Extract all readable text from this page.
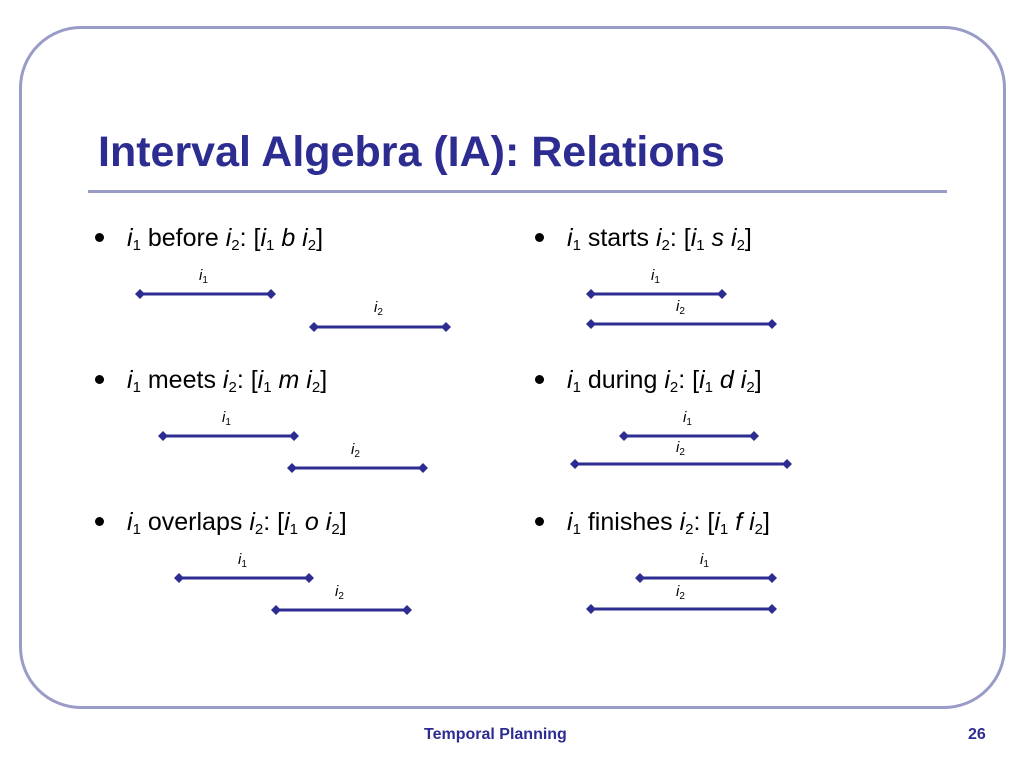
Interval Algebra (IA): Relations
$i_1$ before $i_2$: [$i_1$ b $i_2$]
$i_1$ meets $i_2$: [$i_1$ m $i_2$]
$i_1$ overlaps $i_2$: [$i_1$ o $i_2$]
$i_1$ starts $i_2$: [$i_1$ s $i_2$]
$i_1$ during $i_2$: [$i_1$ d $i_2$]
$i_1$ finishes $i_2$: [$i_1$ f $i_2$]
$i_1$
$i_2$
$i_1$
$i_2$
$i_1$
$i_2$
$i_1$
$i_2$
$i_1$
$i_2$
$i_1$
$i_2$
Temporal Planning	26
